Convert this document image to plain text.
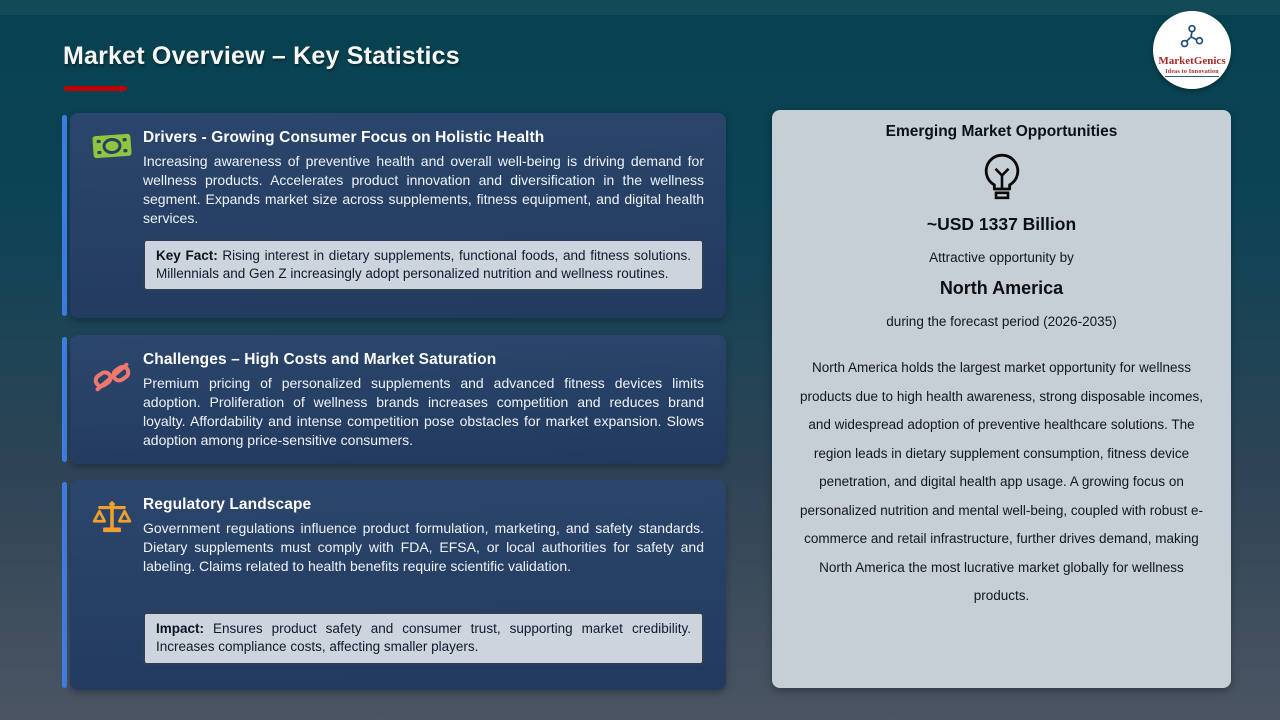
Market Overview – Key Statistics	MarketGenics
Ideas to Innovation
Drivers - Growing Consumer Focus on Holistic Health
Increasing awareness of preventive health and overall well-being is driving demand for wellness products. Accelerates product innovation and diversification in the wellness segment. Expands market size across supplements, fitness equipment, and digital health services.
Key Fact: Rising interest in dietary supplements, functional foods, and fitness solutions. Millennials and Gen Z increasingly adopt personalized nutrition and wellness routines.
Challenges – High Costs and Market Saturation
Premium pricing of personalized supplements and advanced fitness devices limits adoption. Proliferation of wellness brands increases competition and reduces brand loyalty. Affordability and intense competition pose obstacles for market expansion. Slows adoption among price-sensitive consumers.
Regulatory Landscape
Government regulations influence product formulation, marketing, and safety standards. Dietary supplements must comply with FDA, EFSA, or local authorities for safety and labeling. Claims related to health benefits require scientific validation.
Impact: Ensures product safety and consumer trust, supporting market credibility. Increases compliance costs, affecting smaller players.
Emerging Market Opportunities
~USD 1337 Billion
Attractive opportunity by
North America
during the forecast period (2026-2035)
North America holds the largest market opportunity for wellness products due to high health awareness, strong disposable incomes, and widespread adoption of preventive healthcare solutions. The region leads in dietary supplement consumption, fitness device penetration, and digital health app usage. A growing focus on personalized nutrition and mental well-being, coupled with robust e-commerce and retail infrastructure, further drives demand, making North America the most lucrative market globally for wellness products.
